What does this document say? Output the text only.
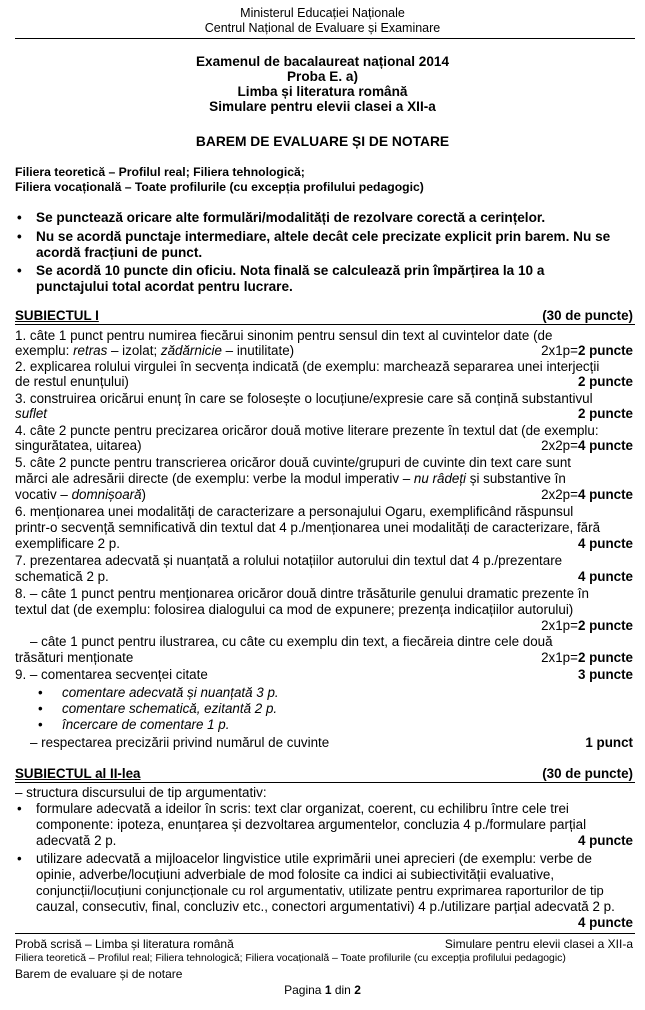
Ministerul Educației Naționale
Centrul Național de Evaluare și Examinare
Examenul de bacalaureat național 2014
Proba E. a)
Limba și literatura română
Simulare pentru elevii clasei a XII-a
BAREM DE EVALUARE ȘI DE NOTARE
Filiera teoretică – Profilul real; Filiera tehnologică;
Filiera vocațională – Toate profilurile (cu excepția profilului pedagogic)
• Se punctează oricare alte formulări/modalități de rezolvare corectă a cerințelor.
• Nu se acordă punctaje intermediare, altele decât cele precizate explicit prin barem. Nu se
acordă fracțiuni de punct.
• Se acordă 10 puncte din oficiu. Nota finală se calculează prin împărțirea la 10 a
punctajului total acordat pentru lucrare.
SUBIECTUL I	(30 de puncte)
1. câte 1 punct pentru numirea fiecărui sinonim pentru sensul din text al cuvintelor date (de
exemplu: retras – izolat; zădărnicie – inutilitate)	2x1p=2 puncte
2. explicarea rolului virgulei în secvența indicată (de exemplu: marchează separarea unei interjecții
de restul enunțului)	2 puncte
3. construirea oricărui enunț în care se folosește o locuțiune/expresie care să conțină substantivul
suflet	2 puncte
4. câte 2 puncte pentru precizarea oricăror două motive literare prezente în textul dat (de exemplu:
singurătatea, uitarea)	2x2p=4 puncte
5. câte 2 puncte pentru transcrierea oricăror două cuvinte/grupuri de cuvinte din text care sunt
mărci ale adresării directe (de exemplu: verbe la modul imperativ – nu râdeți și substantive în
vocativ – domnișoară)	2x2p=4 puncte
6. menționarea unei modalități de caracterizare a personajului Ogaru, exemplificând răspunsul
printr-o secvență semnificativă din textul dat 4 p./menționarea unei modalități de caracterizare, fără
exemplificare 2 p.	4 puncte
7. prezentarea adecvată și nuanțată a rolului notațiilor autorului din textul dat 4 p./prezentare
schematică 2 p.	4 puncte
8. – câte 1 punct pentru menționarea oricăror două dintre trăsăturile genului dramatic prezente în
textul dat (de exemplu: folosirea dialogului ca mod de expunere; prezența indicațiilor autorului)
2x1p=2 puncte
– câte 1 punct pentru ilustrarea, cu câte cu exemplu din text, a fiecăreia dintre cele două
trăsături menționate	2x1p=2 puncte
9. – comentarea secvenței citate	3 puncte
• comentare adecvată și nuanțată 3 p.
• comentare schematică, ezitantă 2 p.
• încercare de comentare 1 p.
– respectarea precizării privind numărul de cuvinte	1 punct
SUBIECTUL al II-lea	(30 de puncte)
– structura discursului de tip argumentativ:
• formulare adecvată a ideilor în scris: text clar organizat, coerent, cu echilibru între cele trei
componente: ipoteza, enunțarea și dezvoltarea argumentelor, concluzia 4 p./formulare parțial
adecvată 2 p.	4 puncte
• utilizare adecvată a mijloacelor lingvistice utile exprimării unei aprecieri (de exemplu: verbe de
opinie, adverbe/locuțiuni adverbiale de mod folosite ca indici ai subiectivității evaluative,
conjuncții/locuțiuni conjuncționale cu rol argumentativ, utilizate pentru exprimarea raporturilor de tip
cauzal, consecutiv, final, concluziv etc., conectori argumentativi) 4 p./utilizare parțial adecvată 2 p.
4 puncte
Probă scrisă – Limba și literatura română	Simulare pentru elevii clasei a XII-a
Filiera teoretică – Profilul real; Filiera tehnologică; Filiera vocațională – Toate profilurile (cu excepția profilului pedagogic)
Barem de evaluare și de notare
Pagina 1 din 2
